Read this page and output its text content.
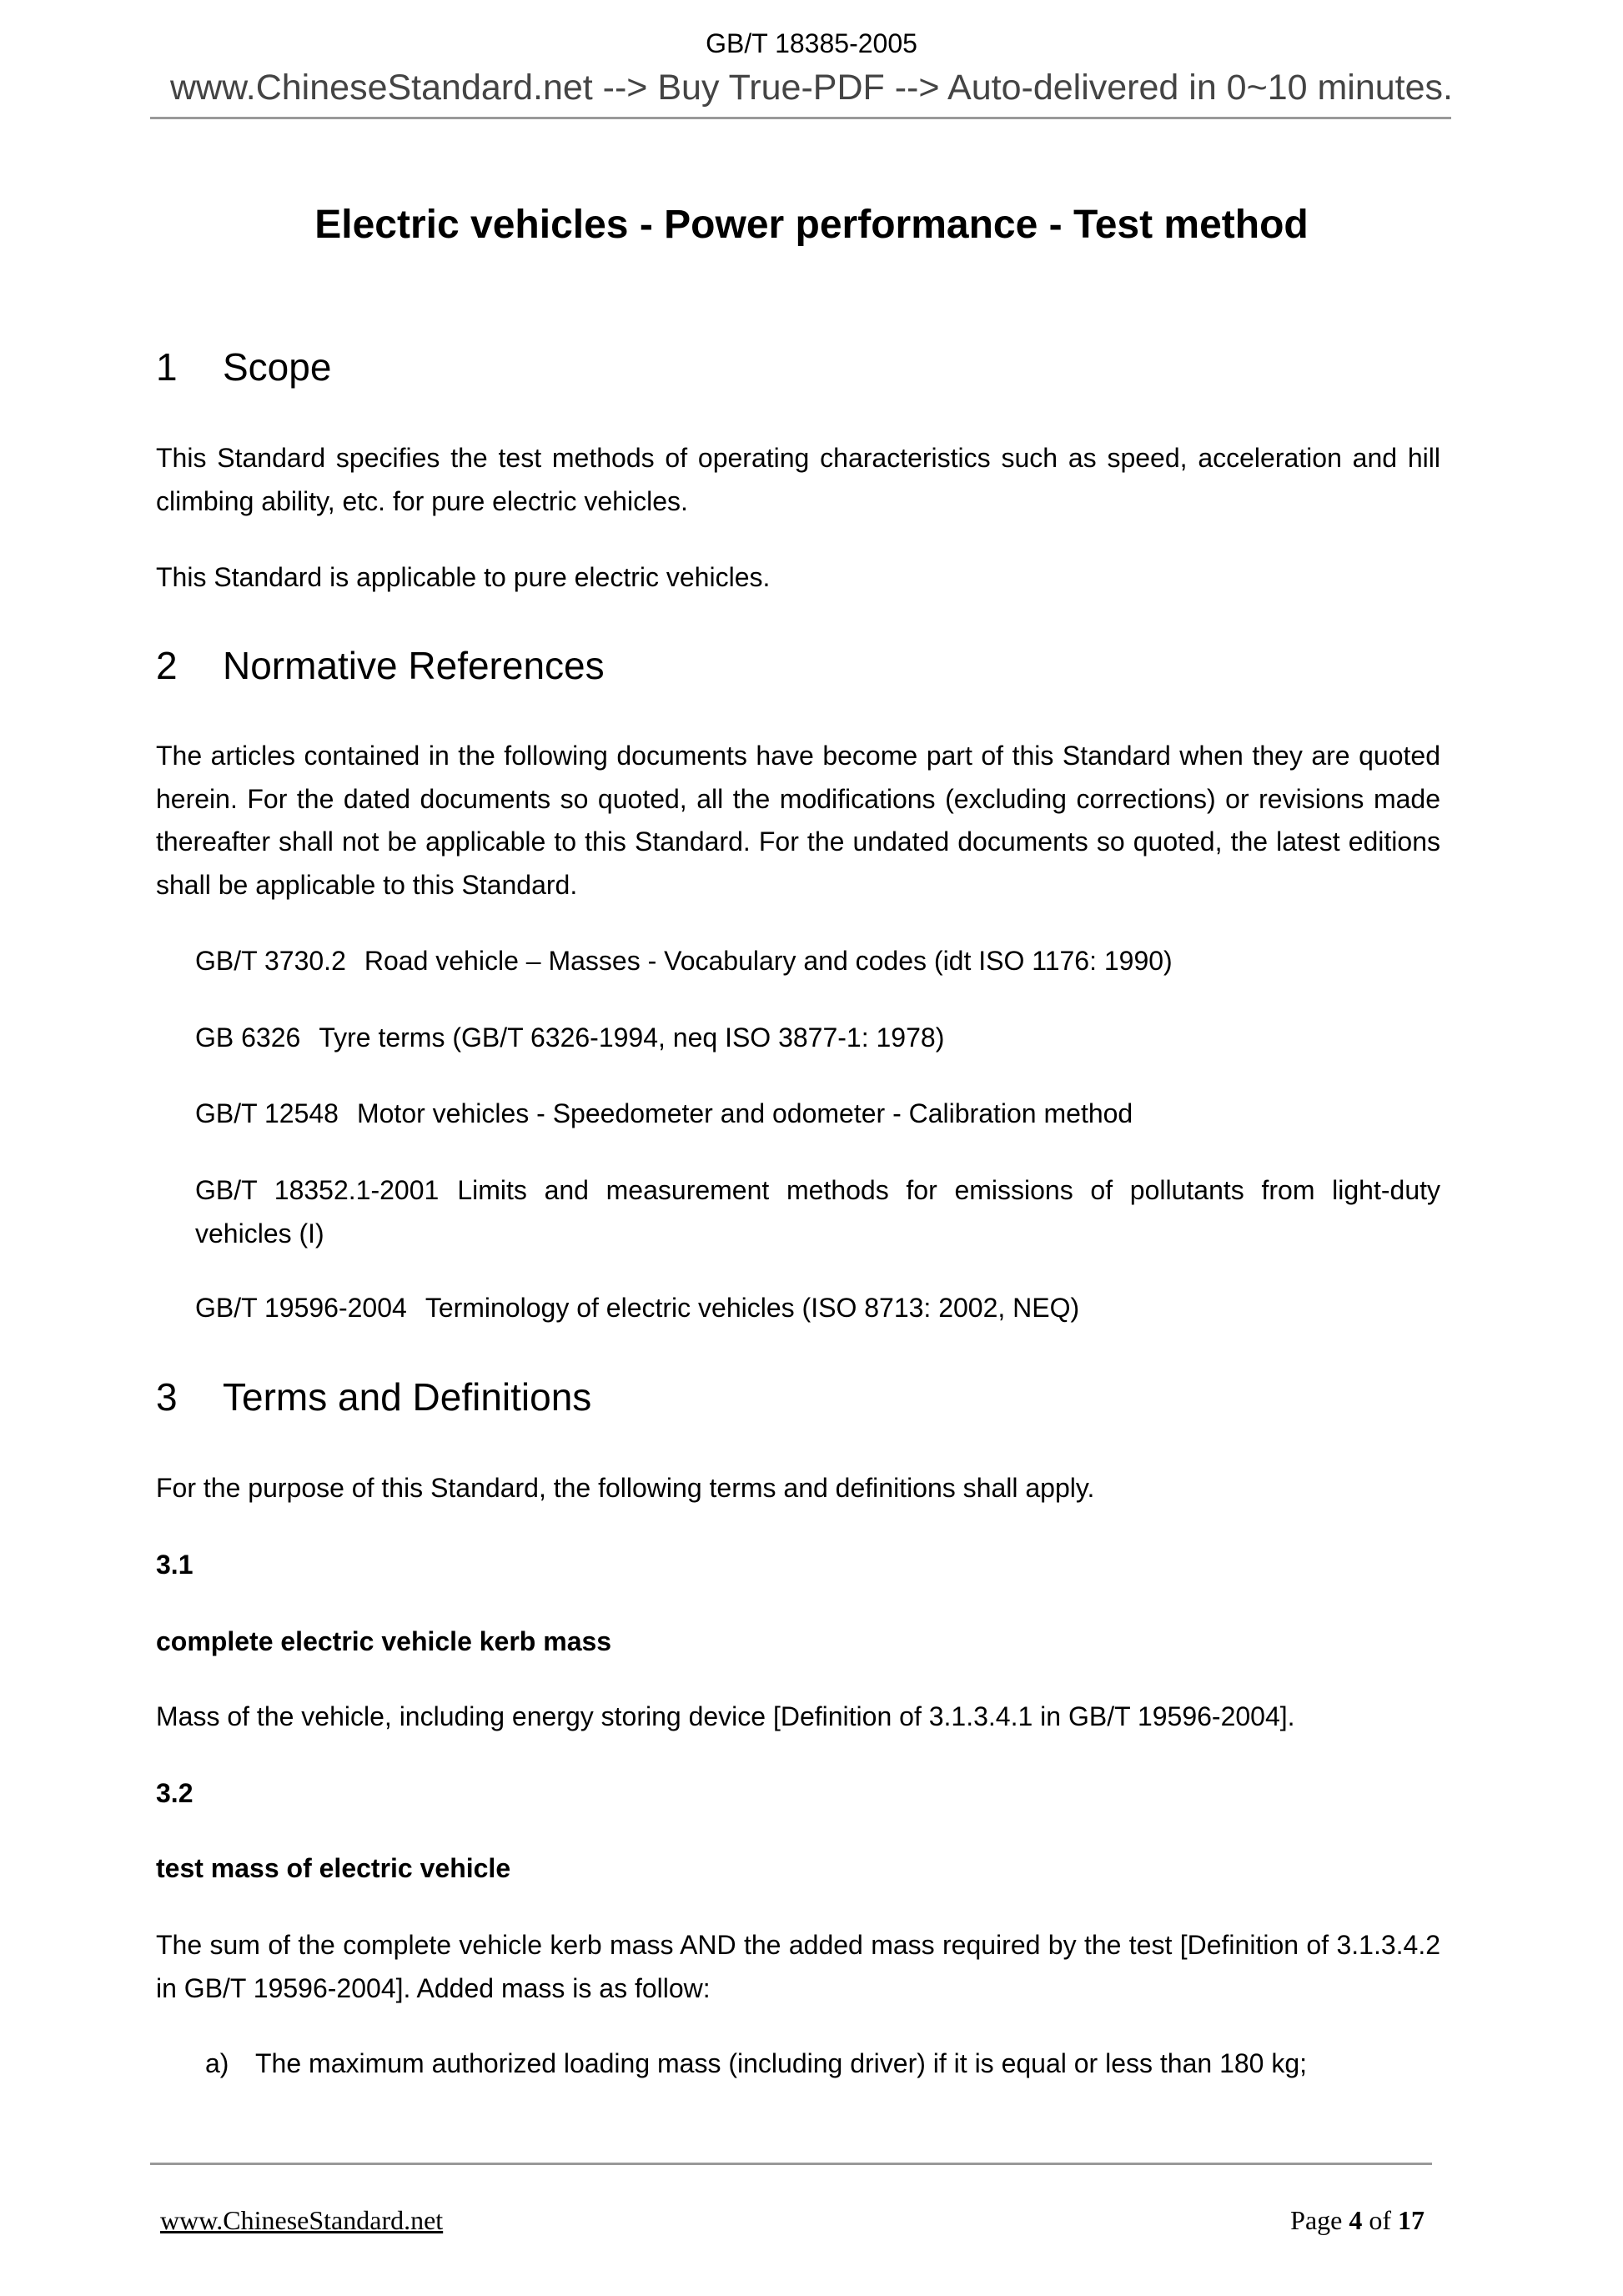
GB/T 18385-2005
www.ChineseStandard.net --> Buy True-PDF --> Auto-delivered in 0~10 minutes.
Electric vehicles - Power performance - Test method
1 Scope
This Standard specifies the test methods of operating characteristics such as speed, acceleration and hill climbing ability, etc. for pure electric vehicles.
This Standard is applicable to pure electric vehicles.
2 Normative References
The articles contained in the following documents have become part of this Standard when they are quoted herein. For the dated documents so quoted, all the modifications (excluding corrections) or revisions made thereafter shall not be applicable to this Standard. For the undated documents so quoted, the latest editions shall be applicable to this Standard.
GB/T 3730.2 Road vehicle – Masses - Vocabulary and codes (idt ISO 1176: 1990)
GB 6326 Tyre terms (GB/T 6326-1994, neq ISO 3877-1: 1978)
GB/T 12548 Motor vehicles - Speedometer and odometer - Calibration method
GB/T 18352.1-2001 Limits and measurement methods for emissions of pollutants from light-duty vehicles (I)
GB/T 19596-2004 Terminology of electric vehicles (ISO 8713: 2002, NEQ)
3 Terms and Definitions
For the purpose of this Standard, the following terms and definitions shall apply.
3.1
complete electric vehicle kerb mass
Mass of the vehicle, including energy storing device [Definition of 3.1.3.4.1 in GB/T 19596-2004].
3.2
test mass of electric vehicle
The sum of the complete vehicle kerb mass AND the added mass required by the test [Definition of 3.1.3.4.2 in GB/T 19596-2004]. Added mass is as follow:
a) The maximum authorized loading mass (including driver) if it is equal or less than 180 kg;
www.ChineseStandard.net	Page 4 of 17
